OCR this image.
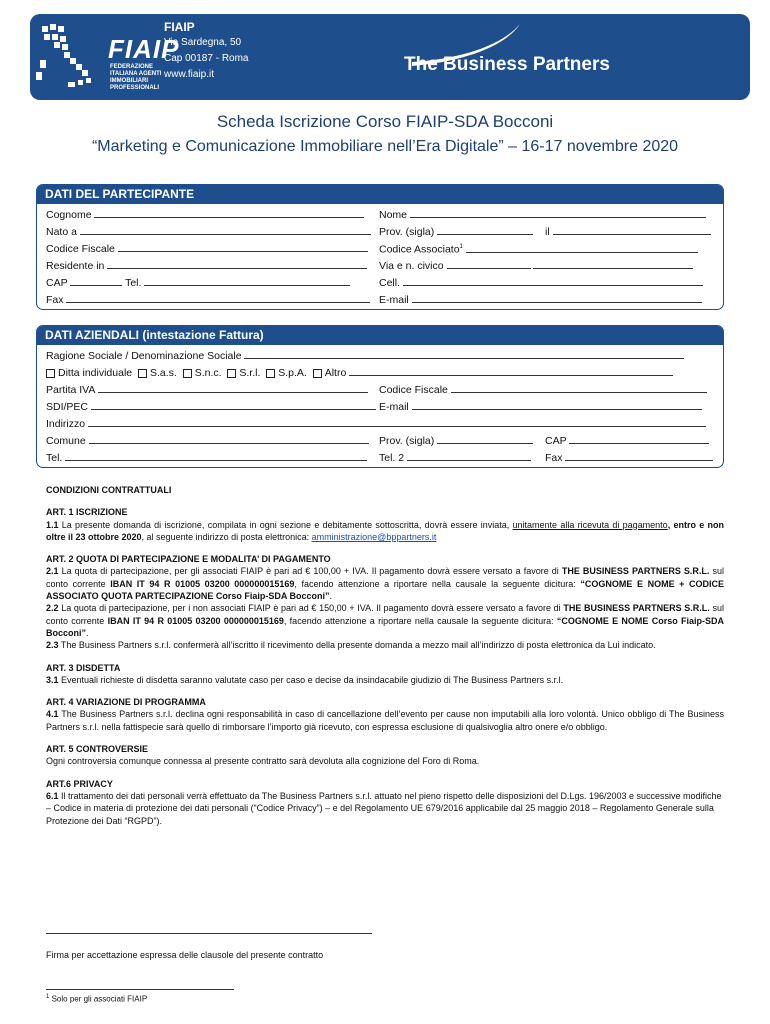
FIAIP
FEDERAZIONE ITALIANA AGENTI IMMOBILIARI PROFESSIONALI
FIAIP
Via Sardegna, 50
Cap 00187 - Roma
www.fiaip.it	The Business Partners
Scheda Iscrizione Corso FIAIP-SDA Bocconi
“Marketing e Comunicazione Immobiliare nell’Era Digitale” – 16-17 novembre 2020
DATI DEL PARTECIPANTE
Cognome	Nome
Nato a	Prov. (sigla)	il
Codice Fiscale	Codice Associato$^1$
Residente in	Via e n. civico
CAP	Tel.	Cell.
Fax	E-mail
DATI AZIENDALI (intestazione Fattura)
Ragione Sociale / Denominazione Sociale
Ditta individuale S.a.s. S.n.c. S.r.l. S.p.A. Altro
Partita IVA	Codice Fiscale
SDI/PEC	E-mail
Indirizzo
Comune	Prov. (sigla)	CAP
Tel.	Tel. 2	Fax

CONDIZIONI CONTRATTUALI

ART. 1 ISCRIZIONE

1.1 La presente domanda di iscrizione, compilata in ogni sezione e debitamente sottoscritta, dovrà essere inviata, unitamente alla ricevuta di pagamento, entro e non oltre il 23 ottobre 2020, al seguente indirizzo di posta elettronica: amministrazione@bppartners.it

ART. 2 QUOTA DI PARTECIPAZIONE E MODALITA’ DI PAGAMENTO

2.1 La quota di partecipazione, per gli associati FIAIP è pari ad € 100,00 + IVA. Il pagamento dovrà essere versato a favore di THE BUSINESS PARTNERS S.R.L. sul conto corrente IBAN IT 94 R 01005 03200 000000015169, facendo attenzione a riportare nella causale la seguente dicitura: “COGNOME E NOME + CODICE ASSOCIATO QUOTA PARTECIPAZIONE Corso Fiaip-SDA Bocconi”.

2.2 La quota di partecipazione, per i non associati FIAIP è pari ad € 150,00 + IVA. Il pagamento dovrà essere versato a favore di THE BUSINESS PARTNERS S.R.L. sul conto corrente IBAN IT 94 R 01005 03200 000000015169, facendo attenzione a riportare nella causale la seguente dicitura: “COGNOME E NOME Corso Fiaip-SDA Bocconi”.

2.3 The Business Partners s.r.l. confermerà all’iscritto il ricevimento della presente domanda a mezzo mail all’indirizzo di posta elettronica da Lui indicato.

ART. 3 DISDETTA

3.1 Eventuali richieste di disdetta saranno valutate caso per caso e decise da insindacabile giudizio di The Business Partners s.r.l.

ART. 4 VARIAZIONE DI PROGRAMMA

4.1 The Business Partners s.r.l. declina ogni responsabilità in caso di cancellazione dell’evento per cause non imputabili alla loro volontà. Unico obbligo di The Business Partners s.r.l. nella fattispecie sarà quello di rimborsare l’importo già ricevuto, con espressa esclusione di qualsivoglia altro onere e/o obbligo.

ART. 5 CONTROVERSIE

Ogni controversia comunque connessa al presente contratto sarà devoluta alla cognizione del Foro di Roma.

ART.6 PRIVACY

6.1 Il trattamento dei dati personali verrà effettuato da The Business Partners s.r.l. attuato nel pieno rispetto delle disposizioni del D.Lgs. 196/2003 e successive modifiche – Codice in materia di protezione dei dati personali (“Codice Privacy”) – e del Regolamento UE 679/2016 applicabile dal 25 maggio 2018 – Regolamento Generale sulla Protezione dei Dati “RGPD”).

Firma per accettazione espressa delle clausole del presente contratto
$^1$ Solo per gli associati FIAIP
